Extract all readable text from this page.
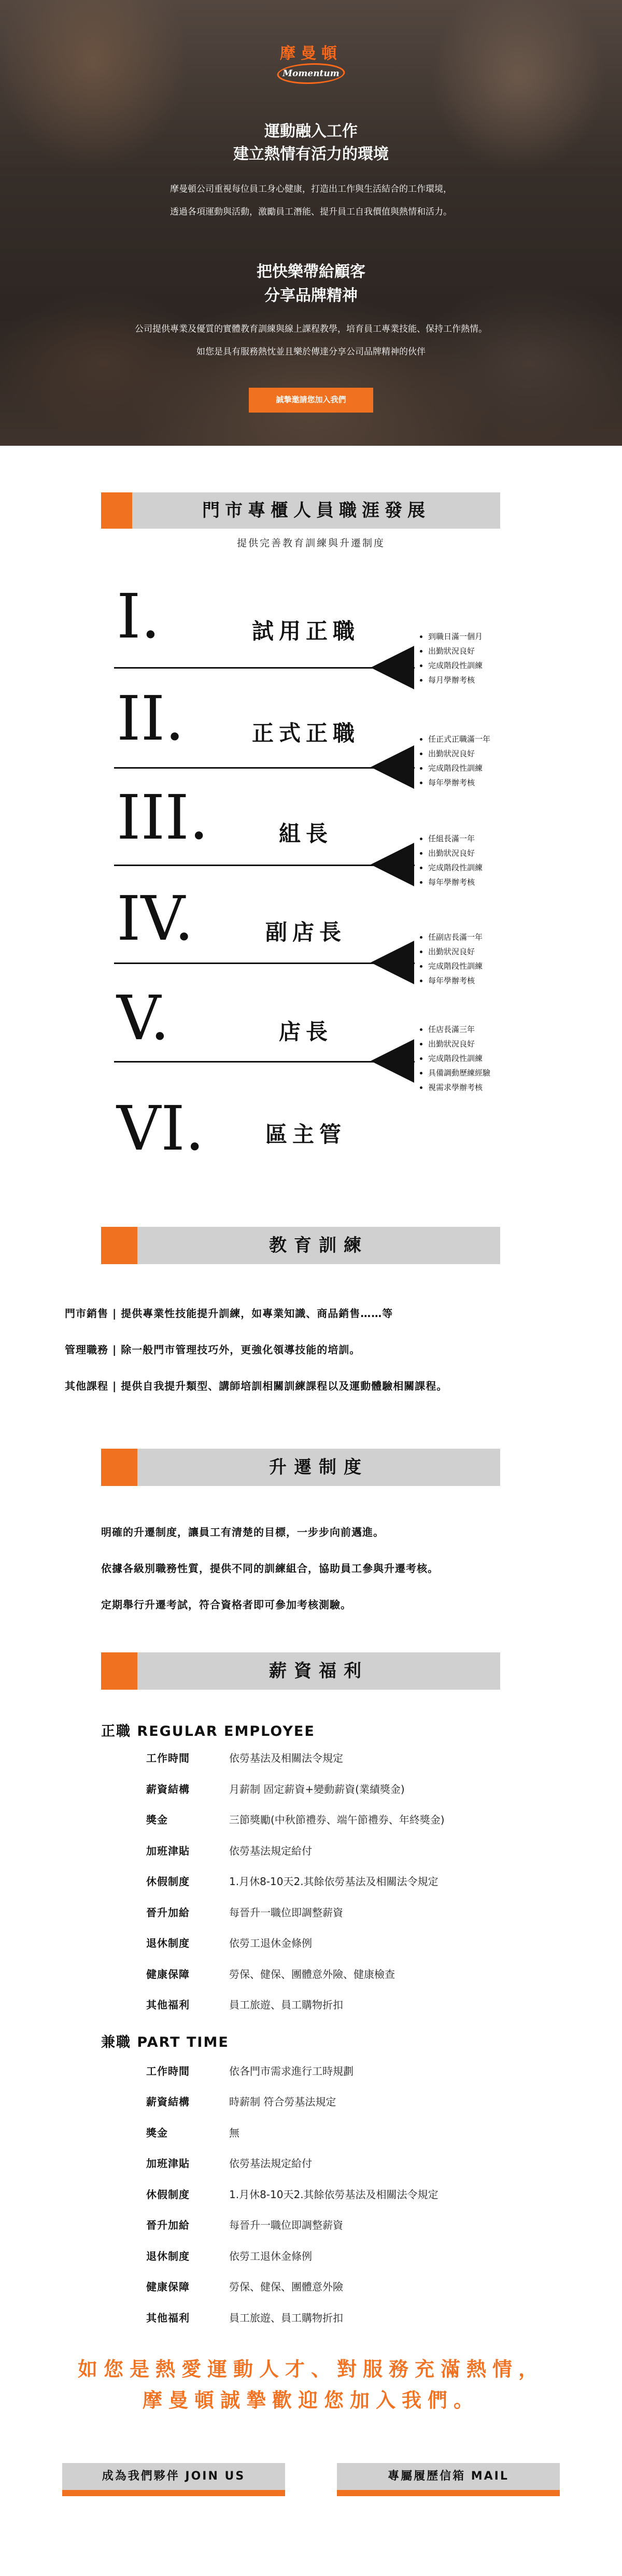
摩曼頓
Momentum
運動融入工作
建立熱情有活力的環境
摩曼頓公司重視每位員工身心健康，打造出工作與生活結合的工作環境，
透過各項運動與活動，激勵員工潛能、提升員工自我價值與熱情和活力。
把快樂帶給顧客
分享品牌精神
公司提供專業及優質的實體教育訓練與線上課程教學，培育員工專業技能、保持工作熱情。
如您是具有服務熱忱並且樂於傳達分享公司品牌精神的伙伴
誠摯邀請您加入我們
門市專櫃人員職涯發展
提供完善教育訓練與升遷制度
I.	試用正職	到職日滿一個月
出勤狀況良好
完成階段性訓練
每月學辦考核
II.	正式正職	任正式正職滿一年
出勤狀況良好
完成階段性訓練
每年學辦考核
III.	組長	任組長滿一年
出勤狀況良好
完成階段性訓練
每年學辦考核
IV.	副店長	任副店長滿一年
出勤狀況良好
完成階段性訓練
每年學辦考核
V.	店長	任店長滿三年
出勤狀況良好
完成階段性訓練
具備調動歷練經驗
視需求學辦考核
VI.	區主管
教育訓練
門市銷售 | 提供專業性技能提升訓練，如專業知識、商品銷售……等
管理職務 | 除一般門市管理技巧外，更強化領導技能的培訓。
其他課程 | 提供自我提升類型、講師培訓相關訓練課程以及運動體驗相關課程。
升遷制度
明確的升遷制度，讓員工有清楚的目標，一步步向前邁進。
依據各級別職務性質，提供不同的訓練組合，協助員工參與升遷考核。
定期舉行升遷考試，符合資格者即可參加考核測驗。
薪資福利
正職 REGULAR EMPLOYEE
工作時間	依勞基法及相關法令規定
薪資結構	月薪制 固定薪資+變動薪資(業績獎金)
獎金	三節獎勵(中秋節禮券、端午節禮券、年終獎金)
加班津貼	依勞基法規定給付
休假制度	1.月休8-10天2.其餘依勞基法及相關法令規定
晉升加給	每晉升一職位即調整薪資
退休制度	依勞工退休金條例
健康保障	勞保、健保、團體意外險、健康檢查
其他福利	員工旅遊、員工購物折扣
兼職 PART TIME
工作時間	依各門市需求進行工時規劃
薪資結構	時薪制 符合勞基法規定
獎金	無
加班津貼	依勞基法規定給付
休假制度	1.月休8-10天2.其餘依勞基法及相關法令規定
晉升加給	每晉升一職位即調整薪資
退休制度	依勞工退休金條例
健康保障	勞保、健保、團體意外險
其他福利	員工旅遊、員工購物折扣
如您是熱愛運動人才、對服務充滿熱情，
摩曼頓誠摯歡迎您加入我們。
成為我們夥伴 JOIN US	專屬履歷信箱 MAIL
